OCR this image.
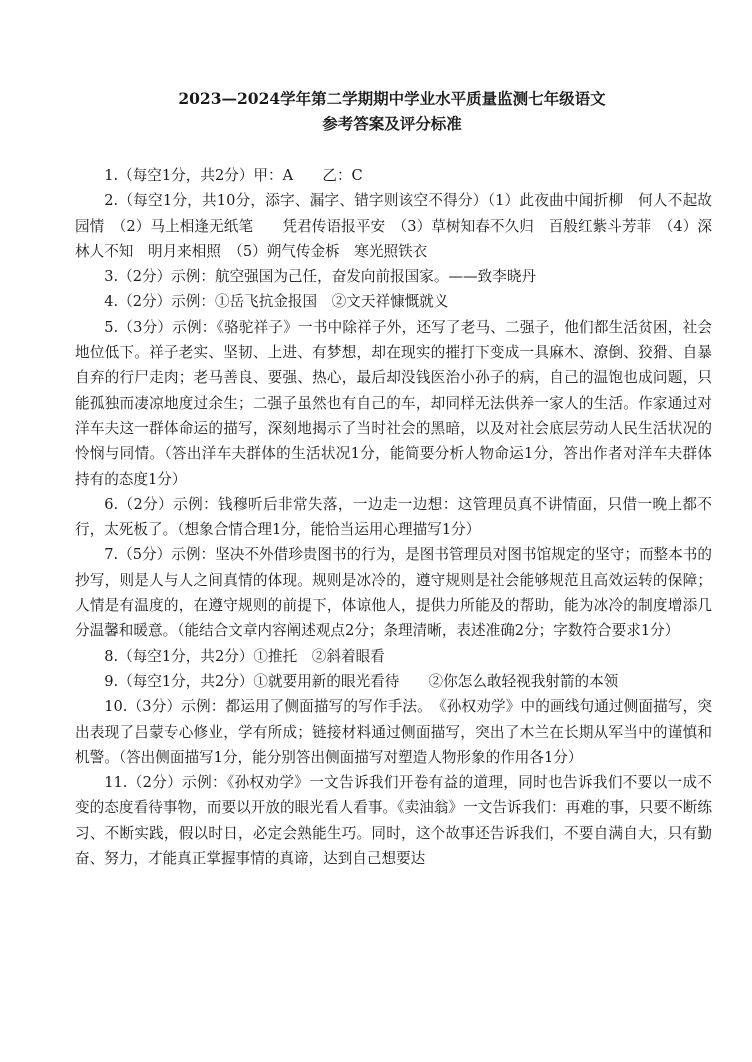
2023—2024学年第二学期期中学业水平质量监测七年级语文

参考答案及评分标准

1.（每空1分，共2分）甲：A　　乙：C

2.（每空1分，共10分，添字、漏字、错字则该空不得分）（1）此夜曲中闻折柳　何人不起故园情　（2）马上相逢无纸笔　　凭君传语报平安　（3）草树知春不久归　百般红紫斗芳菲　（4）深林人不知　明月来相照　（5）朔气传金柝　寒光照铁衣

3.（2分）示例：航空强国为己任，奋发向前报国家。——致李晓丹

4.（2分）示例：①岳飞抗金报国　②文天祥慷慨就义

5.（3分）示例：《骆驼祥子》一书中除祥子外，还写了老马、二强子，他们都生活贫困，社会地位低下。祥子老实、坚韧、上进、有梦想，却在现实的摧打下变成一具麻木、潦倒、狡猾、自暴自弃的行尸走肉；老马善良、要强、热心，最后却没钱医治小孙子的病，自己的温饱也成问题，只能孤独而凄凉地度过余生；二强子虽然也有自己的车，却同样无法供养一家人的生活。作家通过对洋车夫这一群体命运的描写，深刻地揭示了当时社会的黑暗，以及对社会底层劳动人民生活状况的怜悯与同情。（答出洋车夫群体的生活状况1分，能简要分析人物命运1分，答出作者对洋车夫群体持有的态度1分）

6.（2分）示例：钱穆听后非常失落，一边走一边想：这管理员真不讲情面，只借一晚上都不行，太死板了。（想象合情合理1分，能恰当运用心理描写1分）

7.（5分）示例：坚决不外借珍贵图书的行为，是图书管理员对图书馆规定的坚守；而整本书的抄写，则是人与人之间真情的体现。规则是冰冷的，遵守规则是社会能够规范且高效运转的保障；人情是有温度的，在遵守规则的前提下，体谅他人，提供力所能及的帮助，能为冰冷的制度增添几分温馨和暖意。（能结合文章内容阐述观点2分；条理清晰，表述准确2分；字数符合要求1分）

8.（每空1分，共2分）①推托　②斜着眼看

9.（每空1分，共2分）①就要用新的眼光看待　　②你怎么敢轻视我射箭的本领

10.（3分）示例：都运用了侧面描写的写作手法。　《孙权劝学》中的画线句通过侧面描写，突出表现了吕蒙专心修业，学有所成；链接材料通过侧面描写，突出了木兰在长期从军当中的谨慎和机警。（答出侧面描写1分，能分别答出侧面描写对塑造人物形象的作用各1分）

11.（2分）示例：《孙权劝学》一文告诉我们开卷有益的道理，同时也告诉我们不要以一成不变的态度看待事物，而要以开放的眼光看人看事。《卖油翁》一文告诉我们：再难的事，只要不断练习、不断实践，假以时日，必定会熟能生巧。同时，这个故事还告诉我们，不要自满自大，只有勤奋、努力，才能真正掌握事情的真谛，达到自己想要达
